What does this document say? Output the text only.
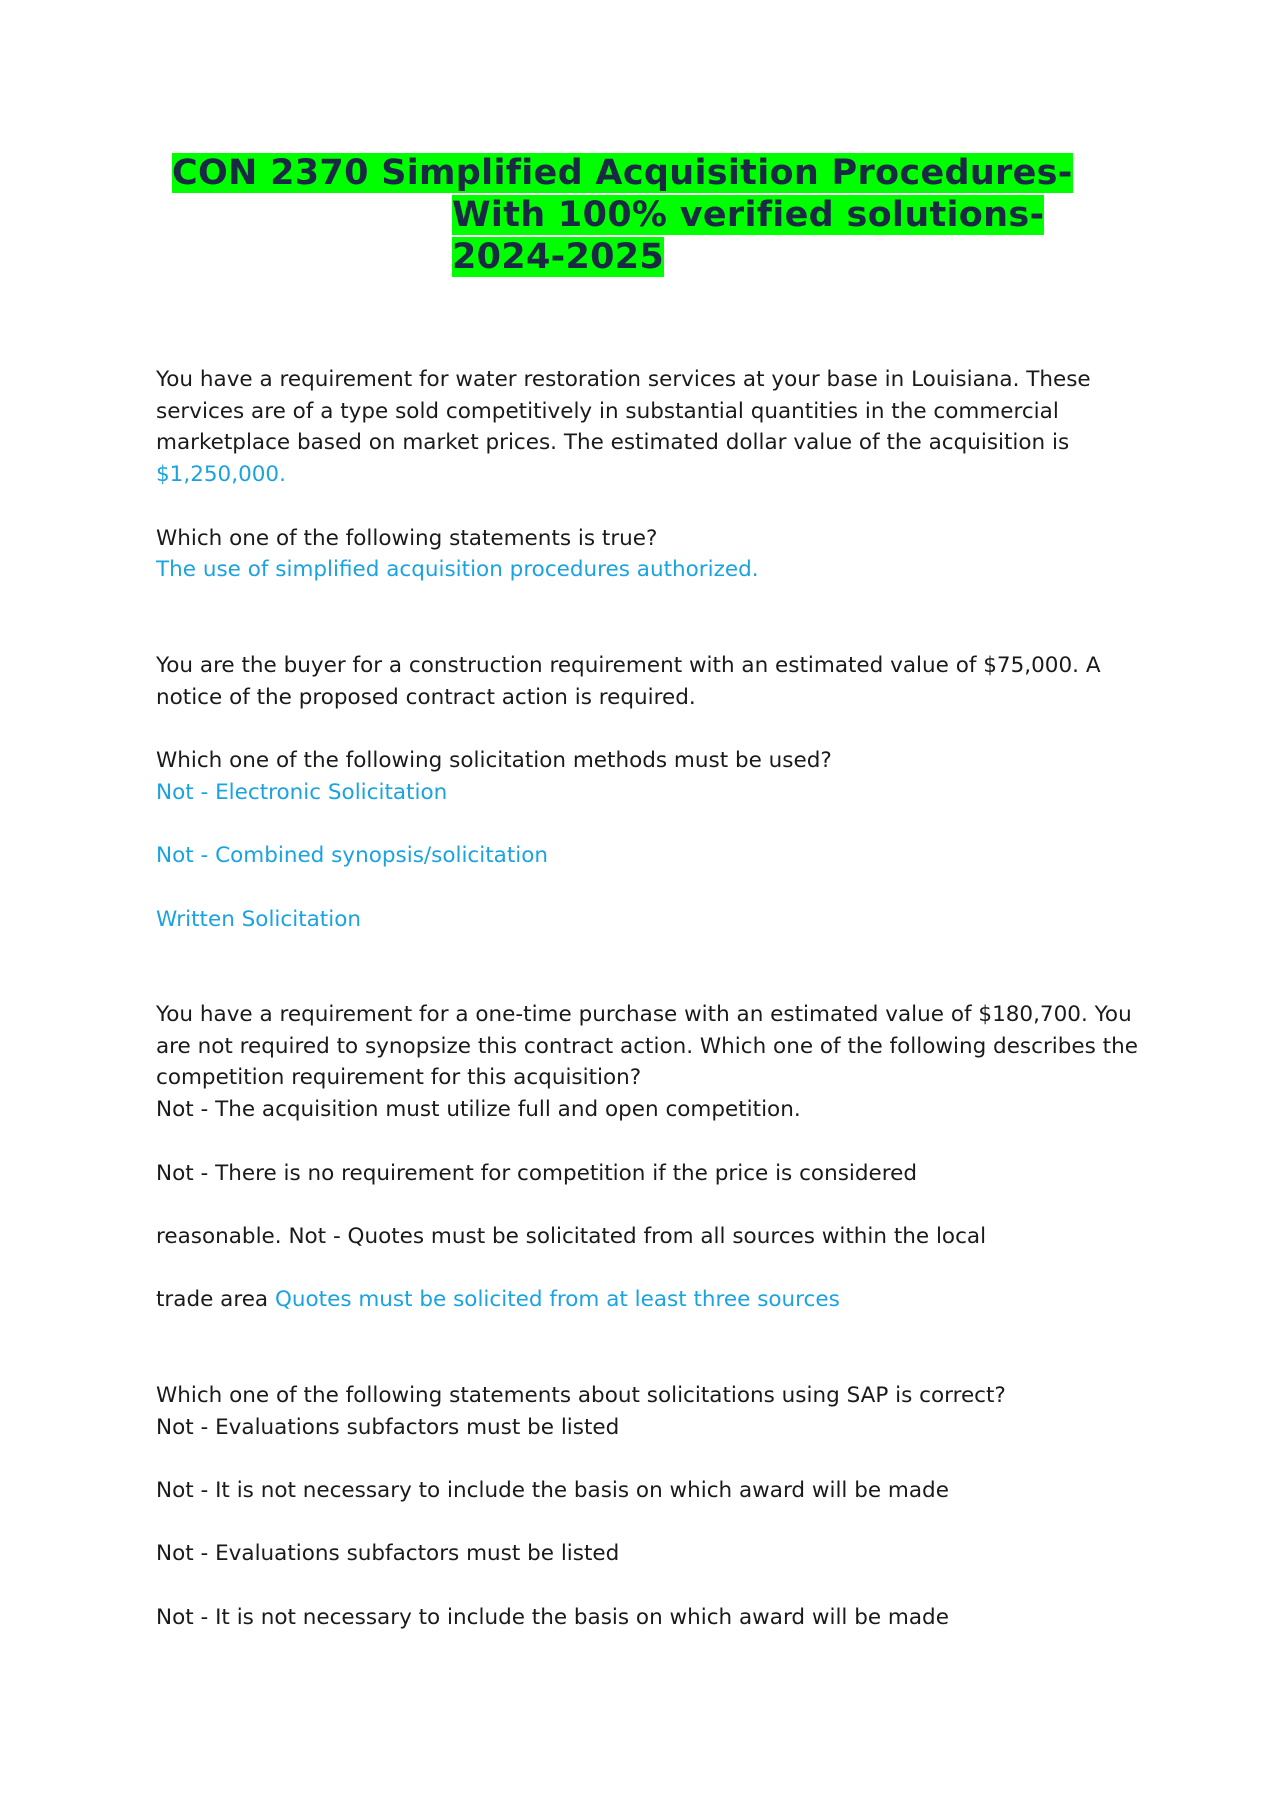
CON 2370 Simplified Acquisition Procedures-
With 100% verified solutions-
2024-2025

You have a requirement for water restoration services at your base in Louisiana. These

services are of a type sold competitively in substantial quantities in the commercial

marketplace based on market prices. The estimated dollar value of the acquisition is

$1,250,000.

Which one of the following statements is true?

The use of simplified acquisition procedures authorized.

You are the buyer for a construction requirement with an estimated value of $75,000. A

notice of the proposed contract action is required.

Which one of the following solicitation methods must be used?

Not - Electronic Solicitation

Not - Combined synopsis/solicitation

Written Solicitation

You have a requirement for a one-time purchase with an estimated value of $180,700. You

are not required to synopsize this contract action. Which one of the following describes the

competition requirement for this acquisition?

Not - The acquisition must utilize full and open competition.

Not - There is no requirement for competition if the price is considered

reasonable. Not - Quotes must be solicitated from all sources within the local

trade area Quotes must be solicited from at least three sources

Which one of the following statements about solicitations using SAP is correct?

Not - Evaluations subfactors must be listed

Not - It is not necessary to include the basis on which award will be made

Not - Evaluations subfactors must be listed

Not - It is not necessary to include the basis on which award will be made
